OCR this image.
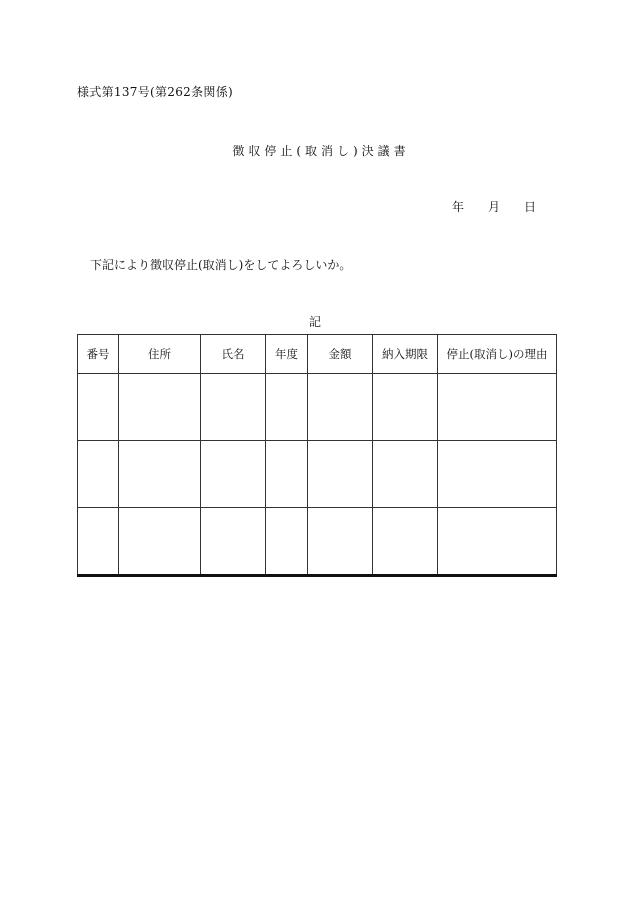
様式第137号(第262条関係)
徴収停止(取消し)決議書
年 月 日
下記により徴収停止(取消し)をしてよろしいか。
記
番号	住所	氏名	年度	金額	納入期限	停止(取消し)の理由
